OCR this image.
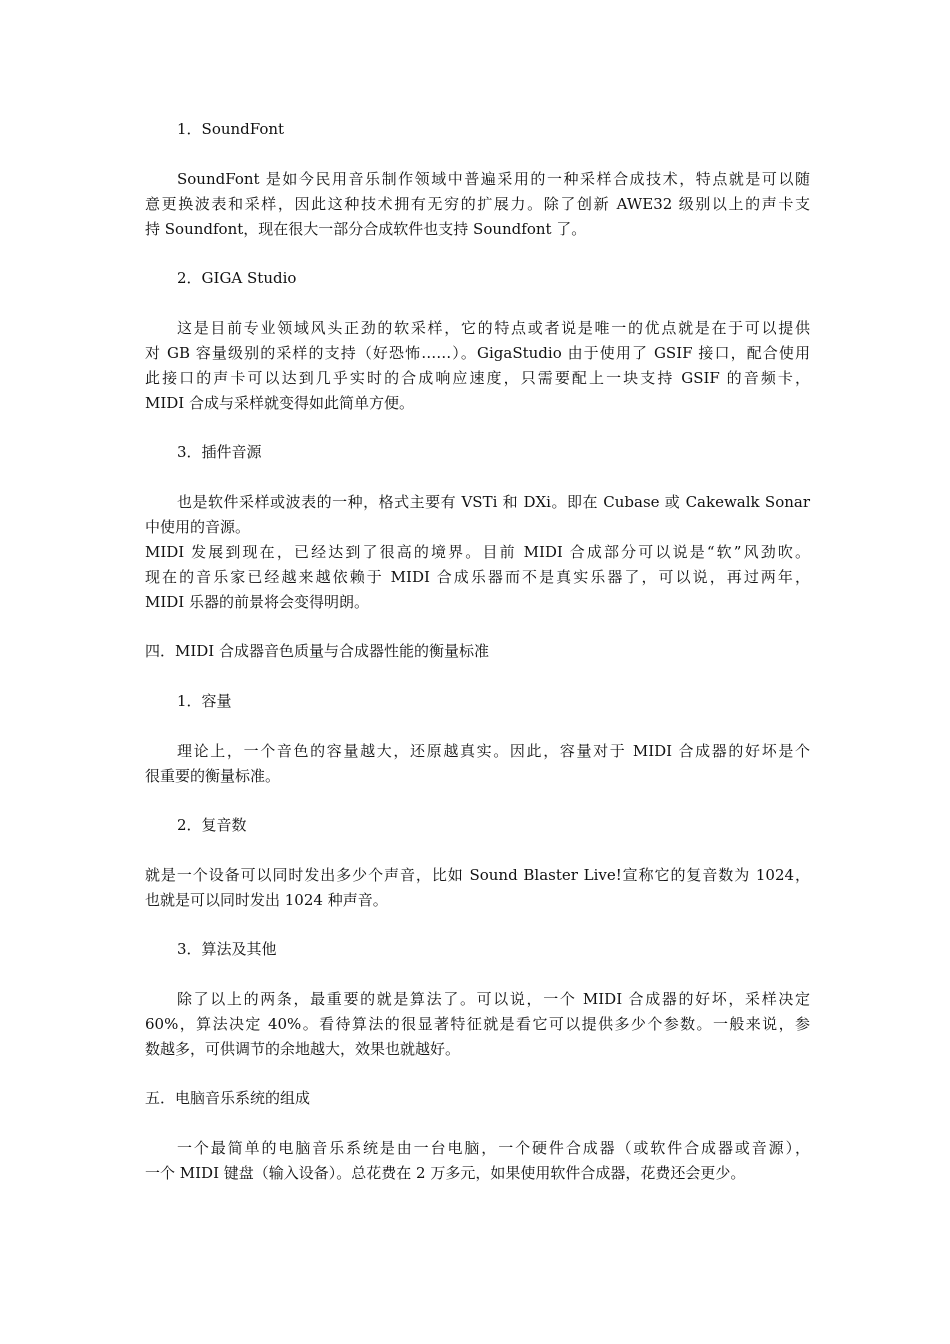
1．SoundFont
SoundFont 是如今民用音乐制作领域中普遍采用的一种采样合成技术，特点就是可以随
意更换波表和采样，因此这种技术拥有无穷的扩展力。除了创新 AWE32 级别以上的声卡支
持 Soundfont，现在很大一部分合成软件也支持 Soundfont 了。
2．GIGA Studio
这是目前专业领域风头正劲的软采样，它的特点或者说是唯一的优点就是在于可以提供
对 GB 容量级别的采样的支持（好恐怖……）。GigaStudio 由于使用了 GSIF 接口，配合使用
此接口的声卡可以达到几乎实时的合成响应速度，只需要配上一块支持 GSIF 的音频卡，
MIDI 合成与采样就变得如此简单方便。
3．插件音源
也是软件采样或波表的一种，格式主要有 VSTi 和 DXi。即在 Cubase 或 Cakewalk Sonar
中使用的音源。
MIDI 发展到现在，已经达到了很高的境界。目前 MIDI 合成部分可以说是“软”风劲吹。
现在的音乐家已经越来越依赖于 MIDI 合成乐器而不是真实乐器了，可以说，再过两年，
MIDI 乐器的前景将会变得明朗。
四．MIDI 合成器音色质量与合成器性能的衡量标准
1．容量
理论上，一个音色的容量越大，还原越真实。因此，容量对于 MIDI 合成器的好坏是个
很重要的衡量标准。
2．复音数
就是一个设备可以同时发出多少个声音，比如 Sound Blaster Live!宣称它的复音数为 1024，
也就是可以同时发出 1024 种声音。
3．算法及其他
除了以上的两条，最重要的就是算法了。可以说，一个 MIDI 合成器的好坏，采样决定
60%，算法决定 40%。看待算法的很显著特征就是看它可以提供多少个参数。一般来说，参
数越多，可供调节的余地越大，效果也就越好。
五．电脑音乐系统的组成
一个最简单的电脑音乐系统是由一台电脑，一个硬件合成器（或软件合成器或音源），
一个 MIDI 键盘（输入设备）。总花费在 2 万多元，如果使用软件合成器，花费还会更少。
